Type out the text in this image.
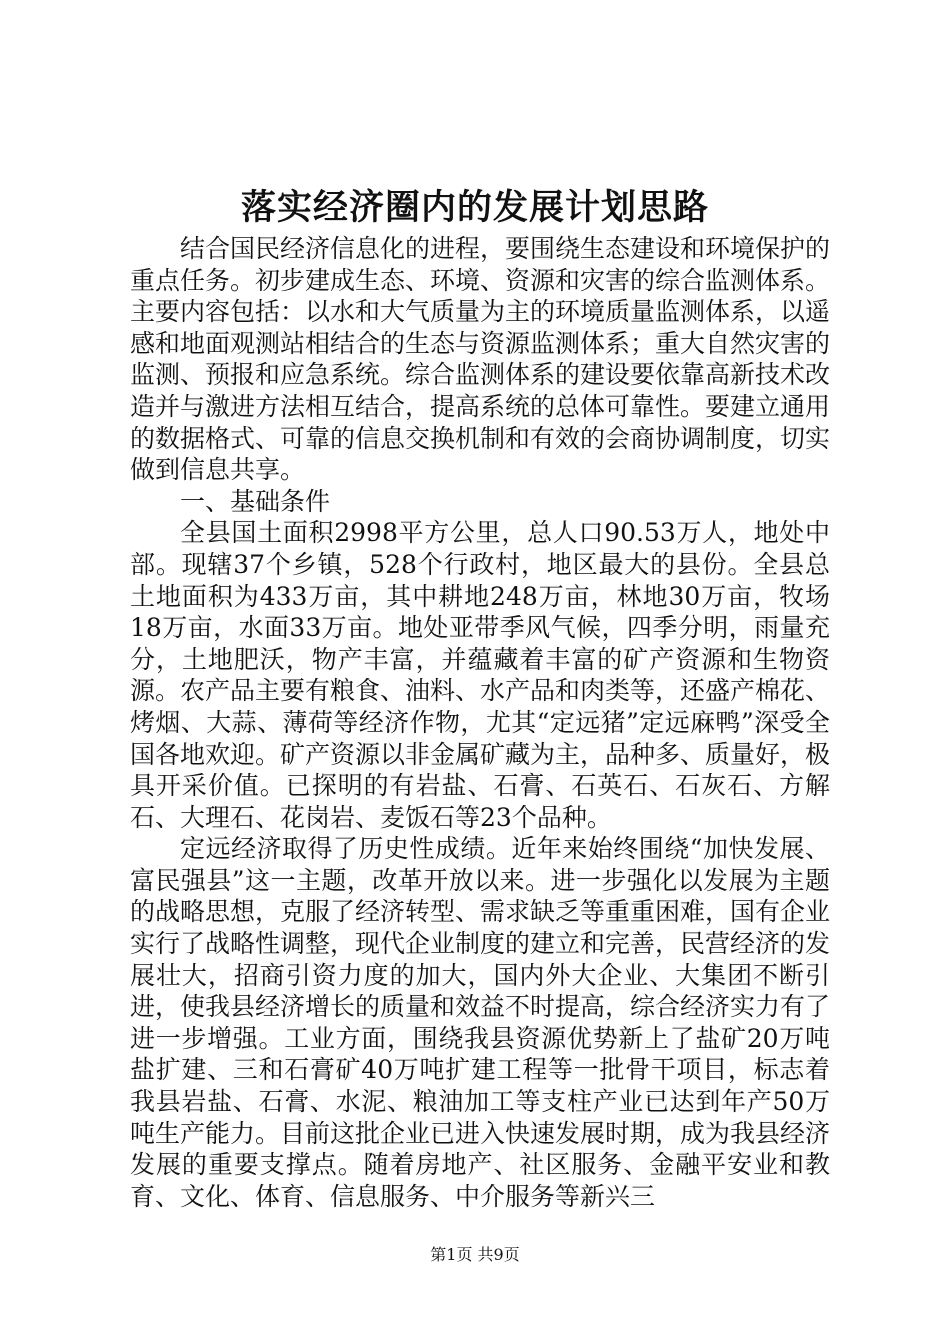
落实经济圈内的发展计划思路

结合国民经济信息化的进程，要围绕生态建设和环境保护的重点任务。初步建成生态、环境、资源和灾害的综合监测体系。主要内容包括：以水和大气质量为主的环境质量监测体系，以遥感和地面观测站相结合的生态与资源监测体系；重大自然灾害的监测、预报和应急系统。综合监测体系的建设要依靠高新技术改造并与激进方法相互结合，提高系统的总体可靠性。要建立通用的数据格式、可靠的信息交换机制和有效的会商协调制度，切实做到信息共享。

一、基础条件

全县国土面积2998平方公里，总人口90.53万人，地处中部。现辖37个乡镇，528个行政村，地区最大的县份。全县总土地面积为433万亩，其中耕地248万亩，林地30万亩，牧场18万亩，水面33万亩。地处亚带季风气候，四季分明，雨量充分，土地肥沃，物产丰富，并蕴藏着丰富的矿产资源和生物资源。农产品主要有粮食、油料、水产品和肉类等，还盛产棉花、烤烟、大蒜、薄荷等经济作物，尤其“定远猪”定远麻鸭”深受全国各地欢迎。矿产资源以非金属矿藏为主，品种多、质量好，极具开采价值。已探明的有岩盐、石膏、石英石、石灰石、方解石、大理石、花岗岩、麦饭石等23个品种。

定远经济取得了历史性成绩。近年来始终围绕“加快发展、富民强县”这一主题，改革开放以来。进一步强化以发展为主题的战略思想，克服了经济转型、需求缺乏等重重困难，国有企业实行了战略性调整，现代企业制度的建立和完善，民营经济的发展壮大，招商引资力度的加大，国内外大企业、大集团不断引进，使我县经济增长的质量和效益不时提高，综合经济实力有了进一步增强。工业方面，围绕我县资源优势新上了盐矿20万吨盐扩建、三和石膏矿40万吨扩建工程等一批骨干项目，标志着我县岩盐、石膏、水泥、粮油加工等支柱产业已达到年产50万吨生产能力。目前这批企业已进入快速发展时期，成为我县经济发展的重要支撑点。随着房地产、社区服务、金融平安业和教育、文化、体育、信息服务、中介服务等新兴三

第1页 共9页
